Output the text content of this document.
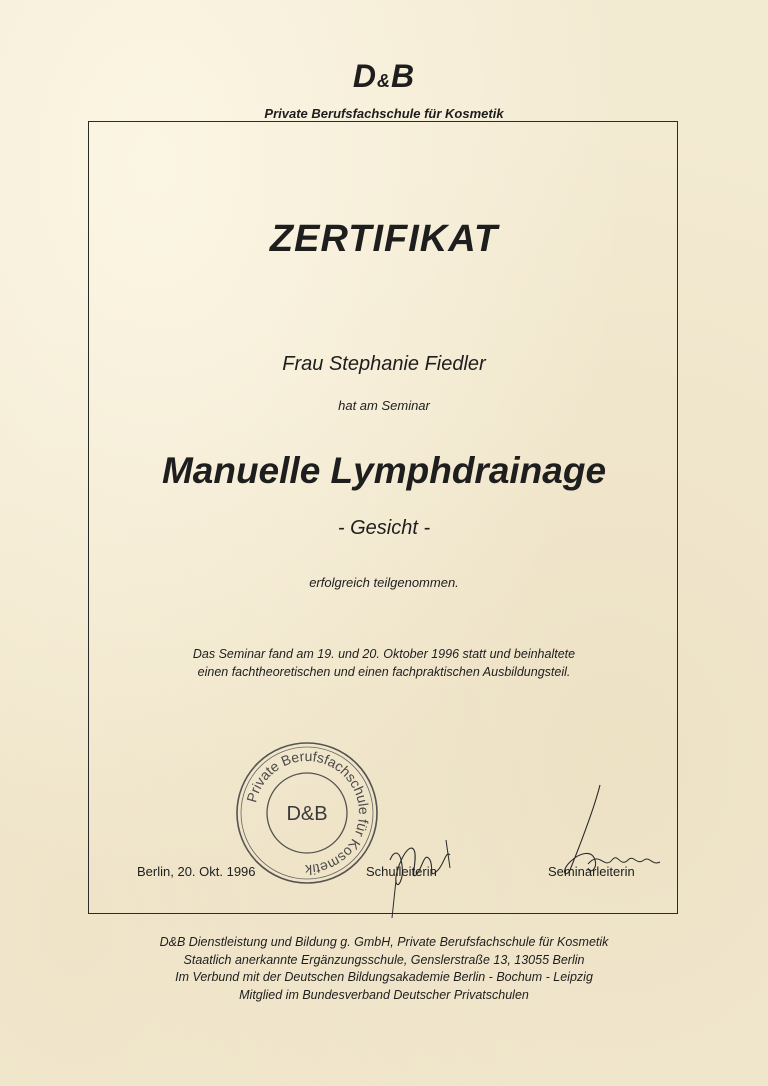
D&B
Private Berufsfachschule für Kosmetik
ZERTIFIKAT
Frau Stephanie Fiedler
hat am Seminar
Manuelle Lymphdrainage
- Gesicht -
erfolgreich teilgenommen.
Das Seminar fand am 19. und 20. Oktober 1996 statt und beinhaltete
einen fachtheoretischen und einen fachpraktischen Ausbildungsteil.
Private Berufsfachschule für Kosmetik
D&B
Berlin, 20. Okt. 1996	Schulleiterin	Seminarleiterin
D&B Dienstleistung und Bildung g. GmbH, Private Berufsfachschule für Kosmetik
Staatlich anerkannte Ergänzungsschule, Genslerstraße 13, 13055 Berlin
Im Verbund mit der Deutschen Bildungsakademie Berlin - Bochum - Leipzig
Mitglied im Bundesverband Deutscher Privatschulen
